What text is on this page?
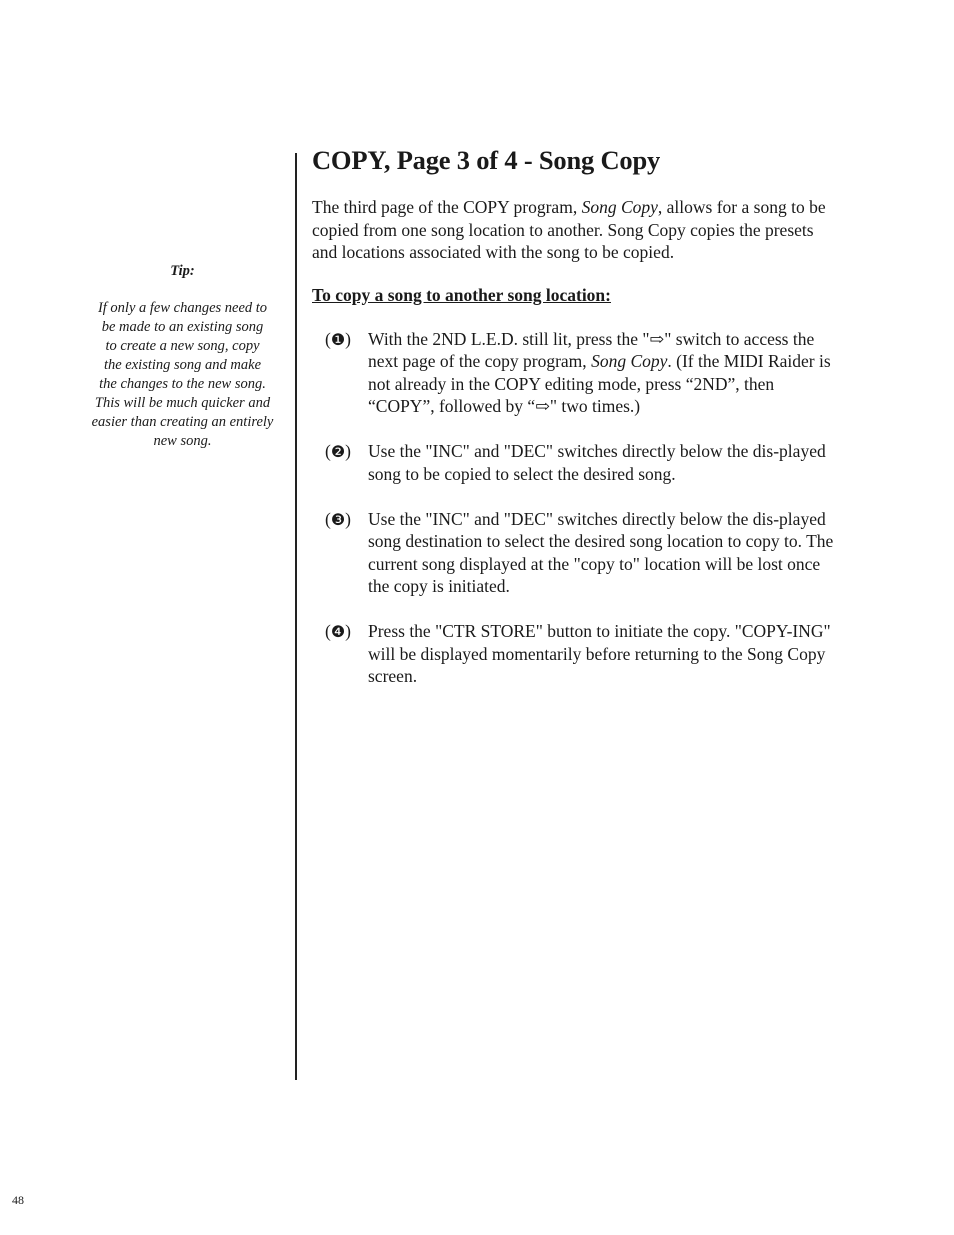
Tip:
If only a few changes need to
be made to an existing song
to create a new song, copy
the existing song and make
the changes to the new song.
This will be much quicker and
easier than creating an entirely
new song.
COPY, Page 3 of 4 - Song Copy

The third page of the COPY program, Song Copy, allows for a song to be copied from one song location to another. Song Copy copies the presets and locations associated with the song to be copied.

To copy a song to another song location:
(❶) With the 2ND L.E.D. still lit, press the "⇨" switch to access the next page of the copy program, Song Copy. (If the MIDI Raider is not already in the COPY editing mode, press “2ND”, then “COPY”, followed by “⇨" two times.)
(❷) Use the "INC" and "DEC" switches directly below the dis-played song to be copied to select the desired song.
(❸) Use the "INC" and "DEC" switches directly below the dis-played song destination to select the desired song location to copy to. The current song displayed at the "copy to" location will be lost once the copy is initiated.
(❹) Press the "CTR STORE" button to initiate the copy. "COPY-ING" will be displayed momentarily before returning to the Song Copy screen.
48
